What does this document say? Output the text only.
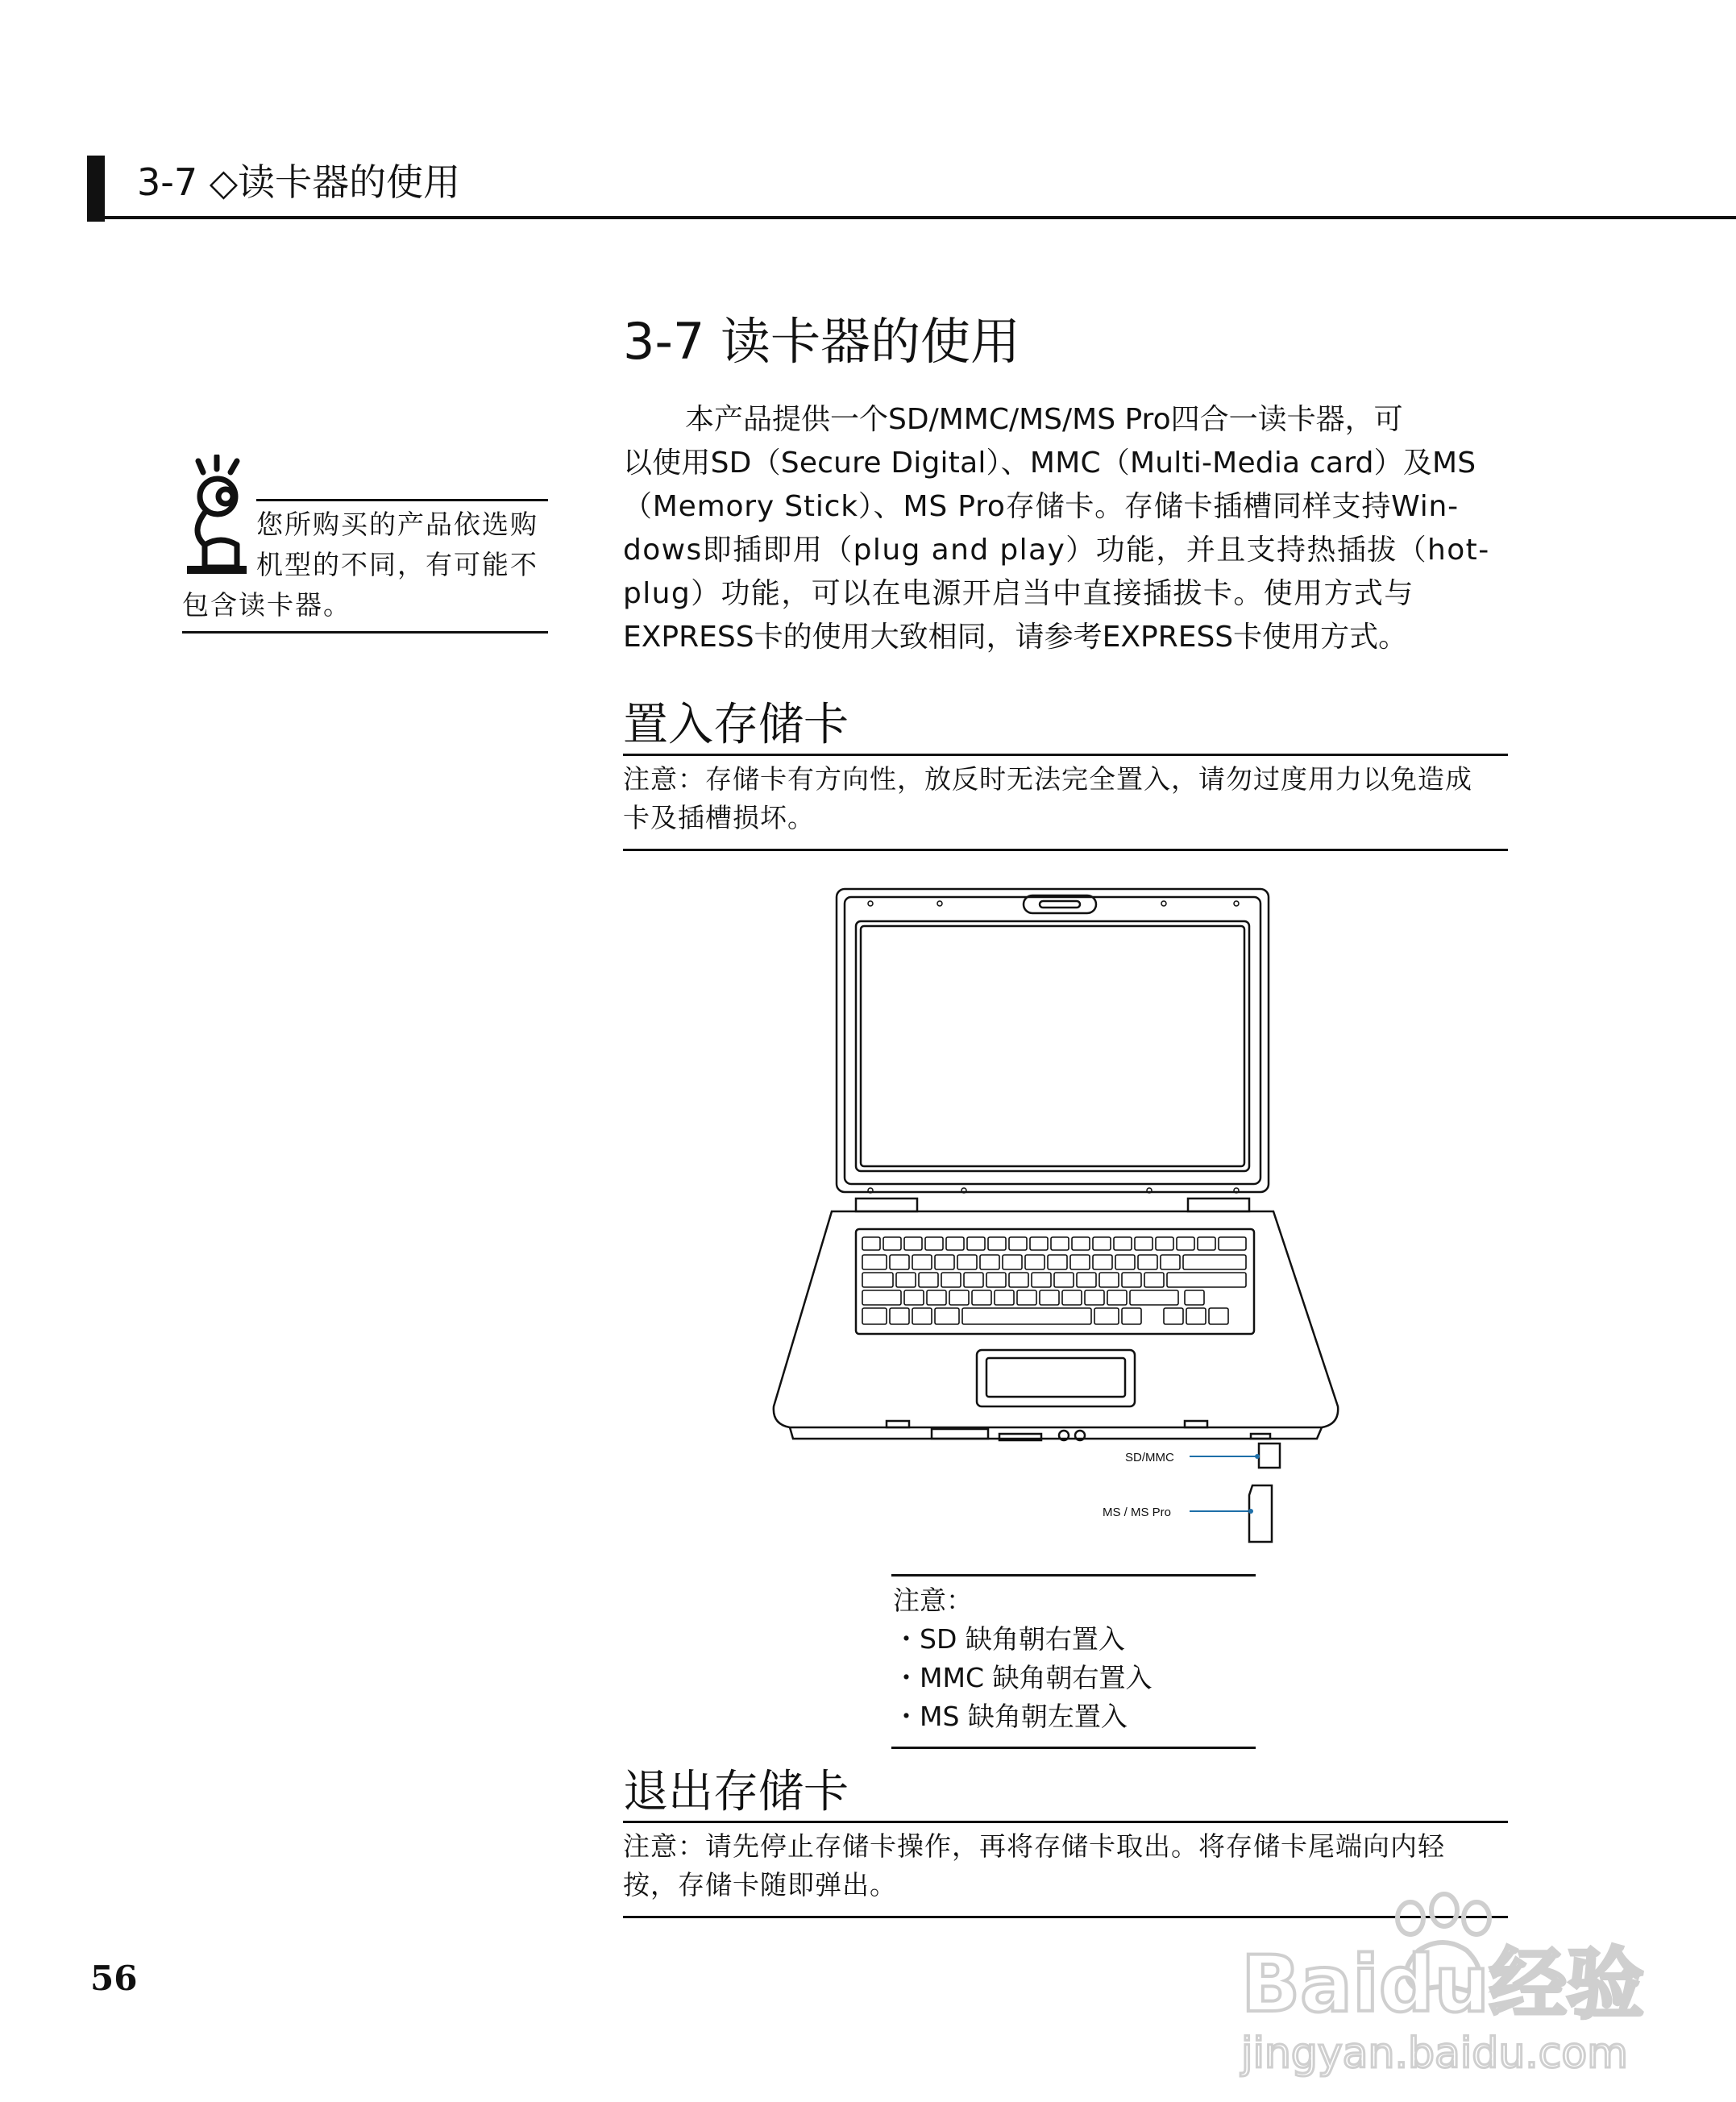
3-7 ◇读卡器的使用
您所购买的产品依选购
机型的不同，有可能不
包含读卡器。
3-7 读卡器的使用
本产品提供一个SD/MMC/MS/MS Pro四合一读卡器，可
以使用SD（Secure Digital）、MMC（Multi-Media card）及MS
（Memory Stick）、MS Pro存储卡。存储卡插槽同样支持Win-
dows即插即用（plug and play）功能，并且支持热插拔（hot-
plug）功能，可以在电源开启当中直接插拔卡。使用方式与
EXPRESS卡的使用大致相同，请参考EXPRESS卡使用方式。
置入存储卡
注意：存储卡有方向性，放反时无法完全置入，请勿过度用力以免造成
卡及插槽损坏。
SD/MMC
MS / MS Pro
注意：
・SD 缺角朝右置入
・MMC 缺角朝右置入
・MS 缺角朝左置入
退出存储卡
注意：请先停止存储卡操作，再将存储卡取出。将存储卡尾端向内轻
按，存储卡随即弹出。
56	Baidu经验
jingyan.baidu.com
